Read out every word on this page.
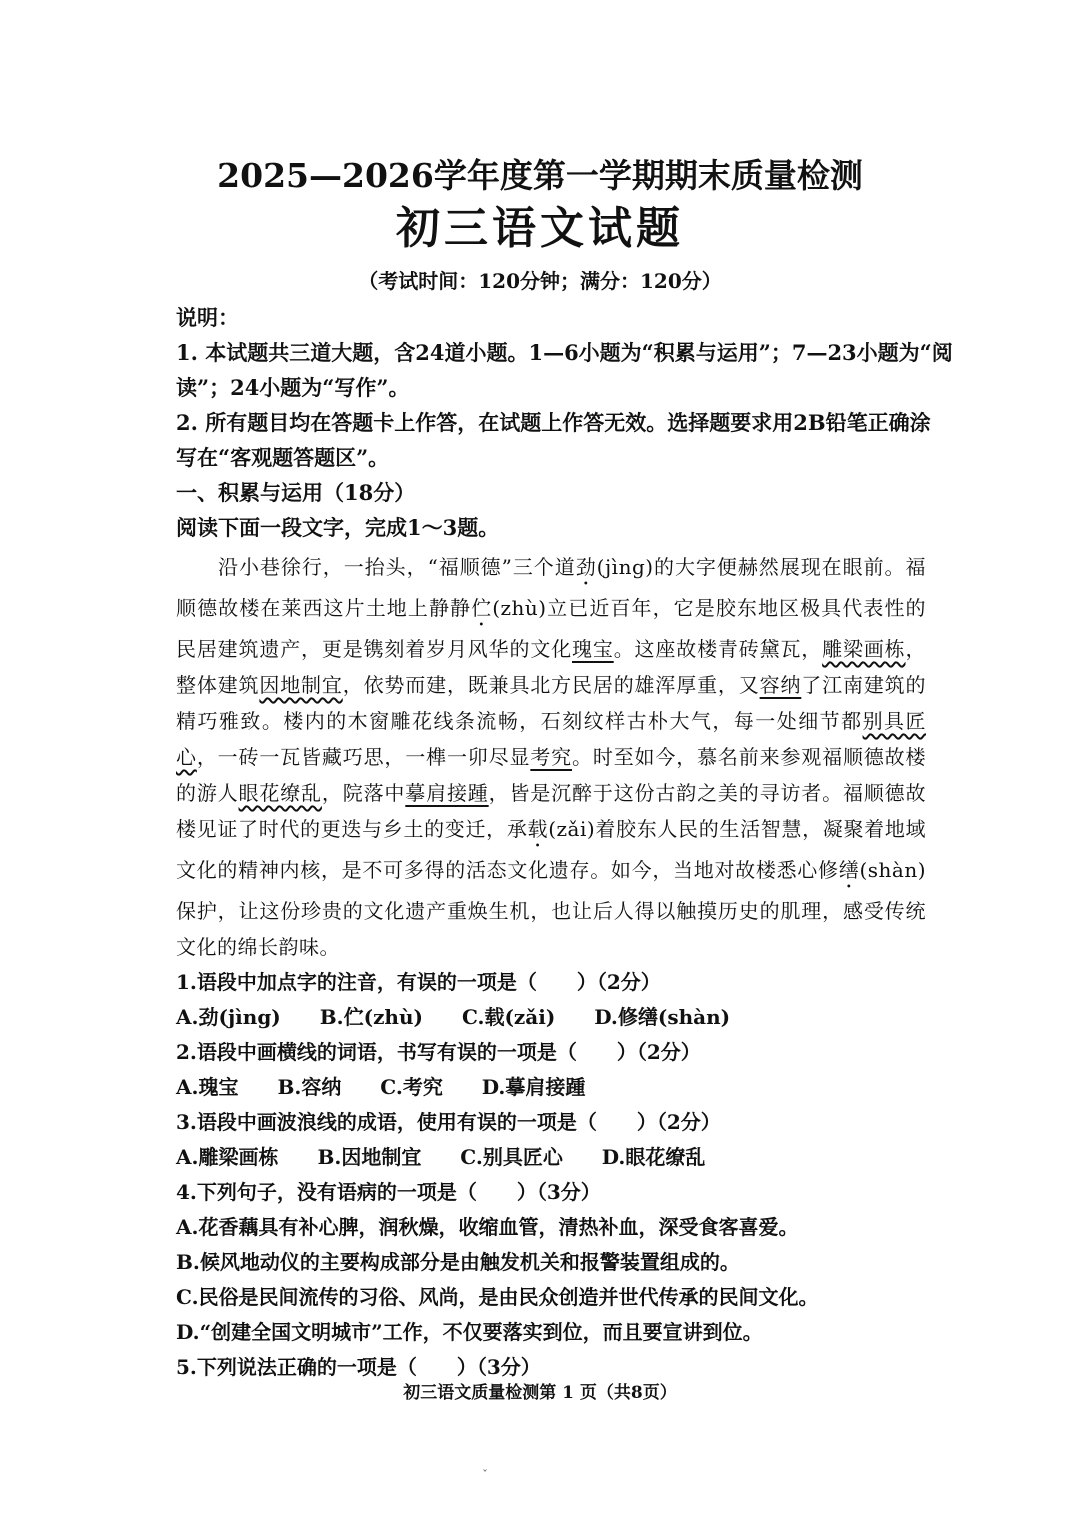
2025—2026学年度第一学期期末质量检测
初三语文试题
（考试时间：120分钟；满分：120分）
说明：
1. 本试题共三道大题，含24道小题。1—6小题为“积累与运用”；7—23小题为“阅
读”；24小题为“写作”。
2. 所有题目均在答题卡上作答，在试题上作答无效。选择题要求用2B铅笔正确涂
写在“客观题答题区”。
一、积累与运用（18分）
阅读下面一段文字，完成1～3题。

沿小巷徐行，一抬头，“福顺德”三个道劲(jìng)的大字便赫然展现在眼前。福顺德故楼在莱西这片土地上静静伫(zhù)立已近百年，它是胶东地区极具代表性的民居建筑遗产，更是镌刻着岁月风华的文化瑰宝。这座故楼青砖黛瓦，雕梁画栋，整体建筑因地制宜，依势而建，既兼具北方民居的雄浑厚重，又容纳了江南建筑的精巧雅致。楼内的木窗雕花线条流畅，石刻纹样古朴大气，每一处细节都别具匠心，一砖一瓦皆藏巧思，一榫一卯尽显考究。时至如今，慕名前来参观福顺德故楼的游人眼花缭乱，院落中摹肩接踵，皆是沉醉于这份古韵之美的寻访者。福顺德故楼见证了时代的更迭与乡土的变迁，承载(zǎi)着胶东人民的生活智慧，凝聚着地域文化的精神内核，是不可多得的活态文化遗存。如今，当地对故楼悉心修缮(shàn)保护，让这份珍贵的文化遗产重焕生机，也让后人得以触摸历史的肌理，感受传统文化的绵长韵味。

1.语段中加点字的注音，有误的一项是（　　）（2分）
A.劲(jìng) B.伫(zhù) C.载(zǎi) D.修缮(shàn)
2.语段中画横线的词语，书写有误的一项是（　　）（2分）
A.瑰宝 B.容纳 C.考究 D.摹肩接踵
3.语段中画波浪线的成语，使用有误的一项是（　　）（2分）
A.雕梁画栋 B.因地制宜 C.别具匠心 D.眼花缭乱
4.下列句子，没有语病的一项是（　　）（3分）
A.花香藕具有补心脾，润秋燥，收缩血管，清热补血，深受食客喜爱。
B.候风地动仪的主要构成部分是由触发机关和报警装置组成的。
C.民俗是民间流传的习俗、风尚，是由民众创造并世代传承的民间文化。
D.“创建全国文明城市”工作，不仅要落实到位，而且要宣讲到位。
5.下列说法正确的一项是（　　）（3分）
初三语文质量检测第 1 页（共8页）
ˇ
